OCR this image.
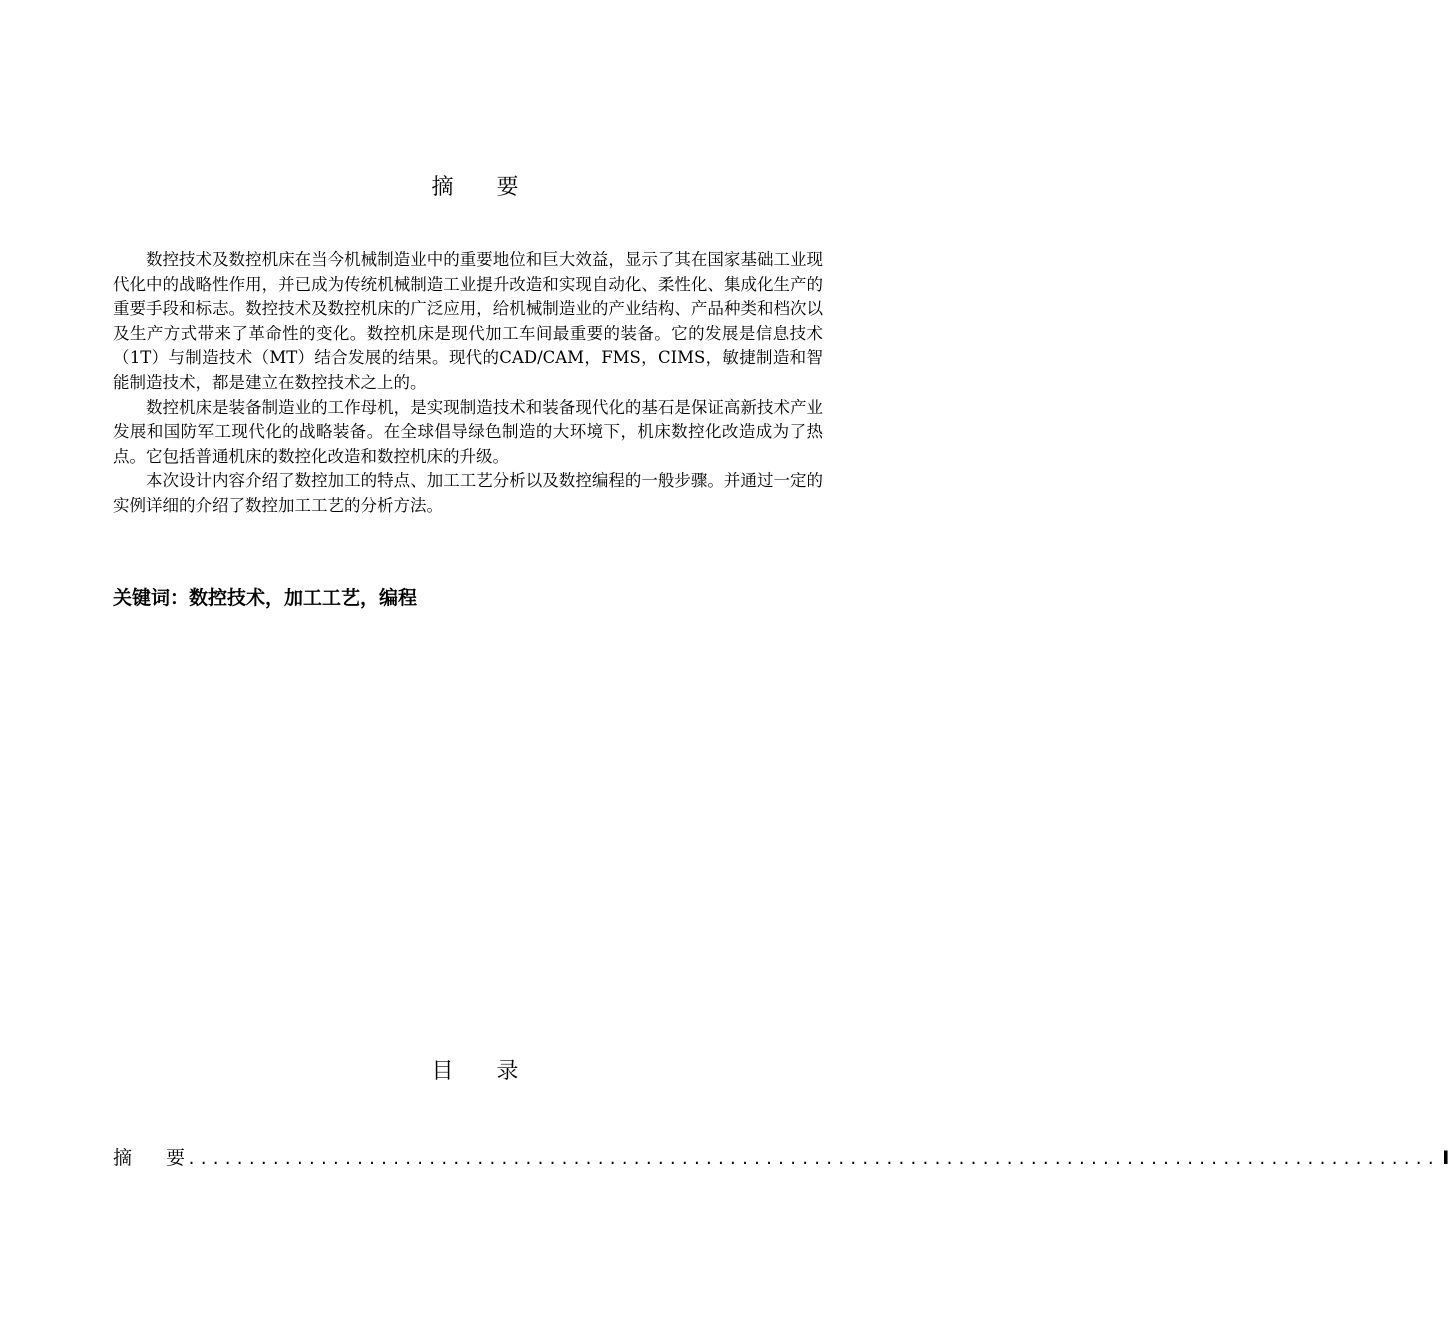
摘 要

数控技术及数控机床在当今机械制造业中的重要地位和巨大效益，显示了其在国家基础工业现代化中的战略性作用，并已成为传统机械制造工业提升改造和实现自动化、柔性化、集成化生产的重要手段和标志。数控技术及数控机床的广泛应用，给机械制造业的产业结构、产品种类和档次以及生产方式带来了革命性的变化。数控机床是现代加工车间最重要的装备。它的发展是信息技术（1T）与制造技术（MT）结合发展的结果。现代的CAD/CAM，FMS，CIMS，敏捷制造和智能制造技术，都是建立在数控技术之上的。

数控机床是装备制造业的工作母机，是实现制造技术和装备现代化的基石是保证高新技术产业发展和国防军工现代化的战略装备。在全球倡导绿色制造的大环境下，机床数控化改造成为了热点。它包括普通机床的数控化改造和数控机床的升级。

本次设计内容介绍了数控加工的特点、加工工艺分析以及数控编程的一般步骤。并通过一定的实例详细的介绍了数控加工工艺的分析方法。

关键词：数控技术，加工工艺，编程
目 录
摘 要
........................................................................................................ I
